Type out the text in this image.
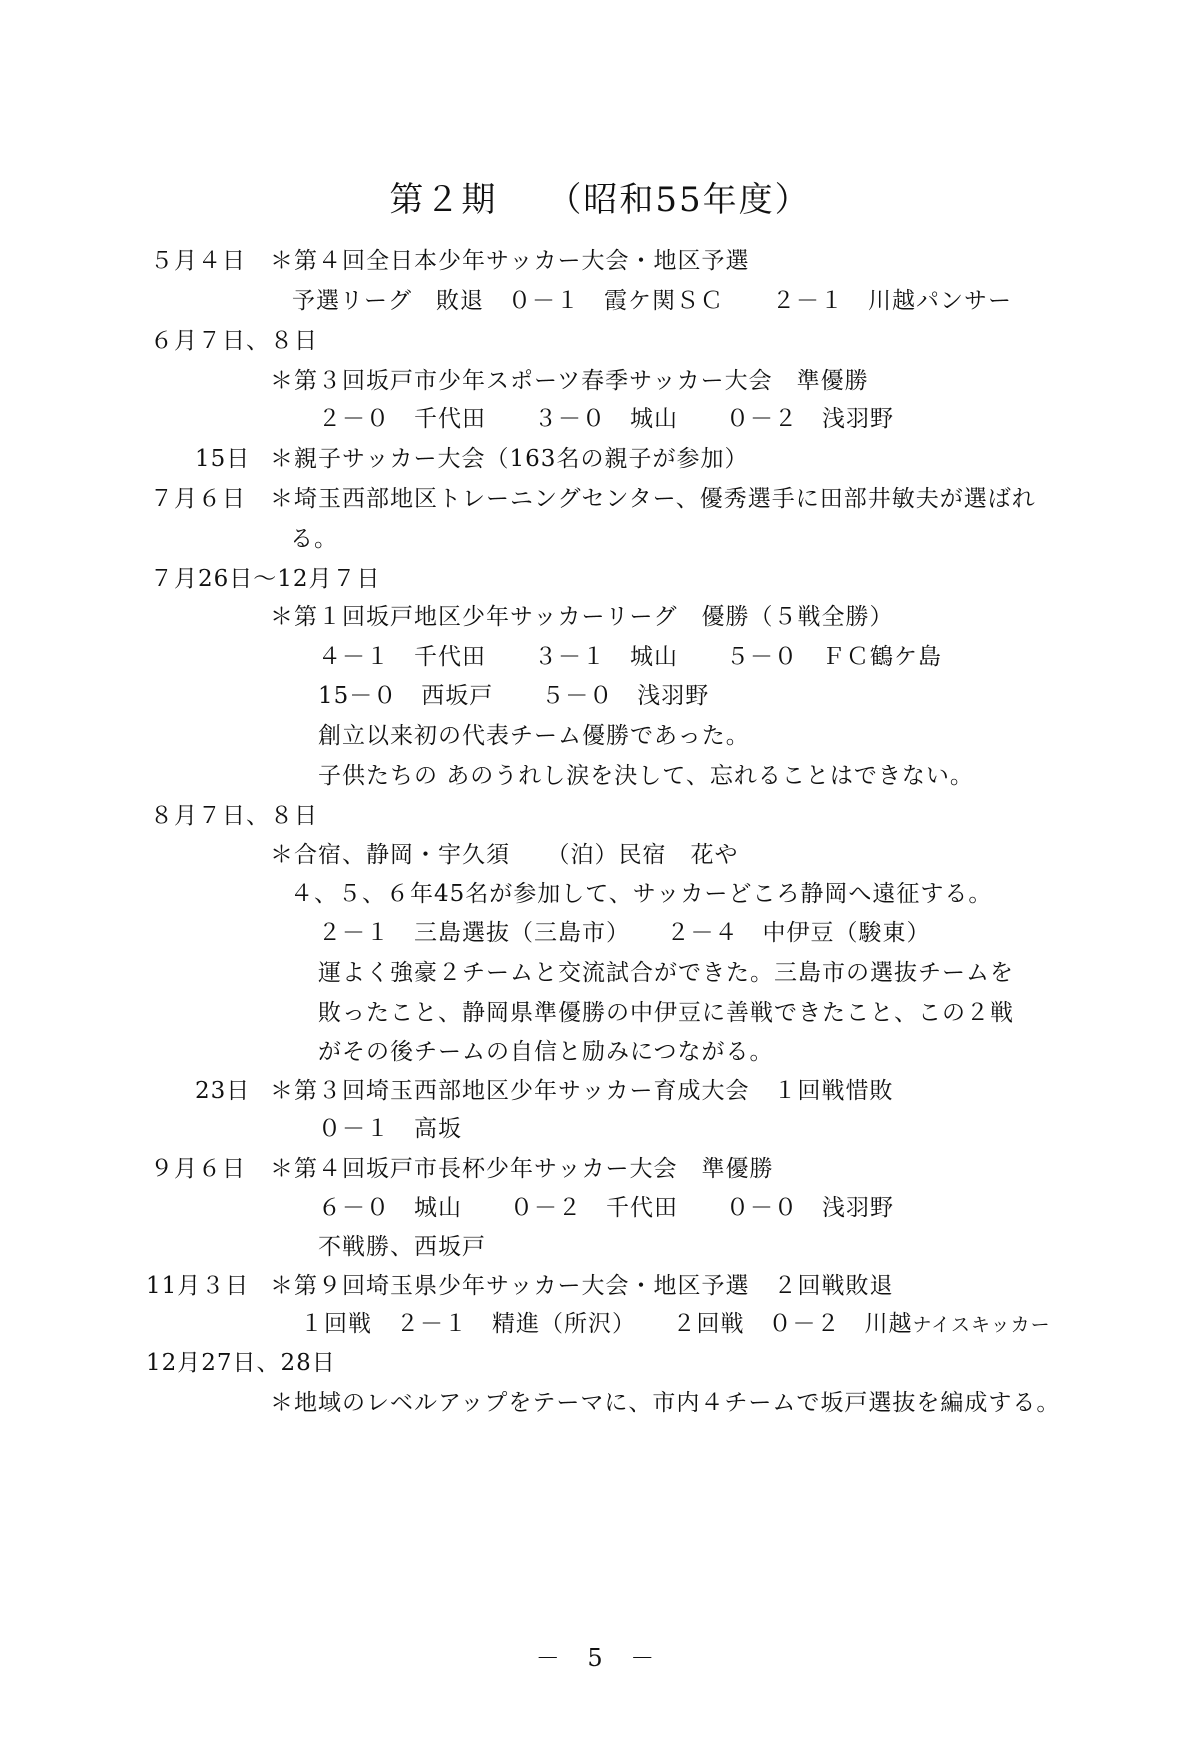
第２期 （昭和55年度）
５月４日 ＊第４回全日本少年サッカー大会・地区予選
予選リーグ　敗退　０－１　霞ケ関ＳＣ　　２－１　川越パンサー
６月７日、８日
＊第３回坂戸市少年スポーツ春季サッカー大会　準優勝
２－０　千代田　　３－０　城山　　０－２　浅羽野
15日 ＊親子サッカー大会（163名の親子が参加）
７月６日 ＊埼玉西部地区トレーニングセンター、優秀選手に田部井敏夫が選ばれ
る。
７月26日～12月７日
＊第１回坂戸地区少年サッカーリーグ　優勝（５戦全勝）
４－１　千代田　　３－１　城山　　５－０　ＦＣ鶴ケ島
15－０　西坂戸　　５－０　浅羽野
創立以来初の代表チーム優勝であった。
子供たちの あのうれし涙を決して、忘れることはできない。
８月７日、８日
＊合宿、静岡・宇久須　　（泊）民宿　花や
４、５、６年45名が参加して、サッカーどころ静岡へ遠征する。
２－１　三島選抜（三島市）　　２－４　中伊豆（駿東）
運よく強豪２チームと交流試合ができた。三島市の選抜チームを
敗ったこと、静岡県準優勝の中伊豆に善戦できたこと、この２戦
がその後チームの自信と励みにつながる。
23日 ＊第３回埼玉西部地区少年サッカー育成大会　１回戦惜敗
０－１　高坂
９月６日 ＊第４回坂戸市長杯少年サッカー大会　準優勝
６－０　城山　　０－２　千代田　　０－０　浅羽野
不戦勝、西坂戸
11月３日 ＊第９回埼玉県少年サッカー大会・地区予選　２回戦敗退
１回戦　２－１　精進（所沢）　　２回戦　０－２　川越ナイスキッカー
12月27日、28日
＊地域のレベルアップをテーマに、市内４チームで坂戸選抜を編成する。
－ 5 －
